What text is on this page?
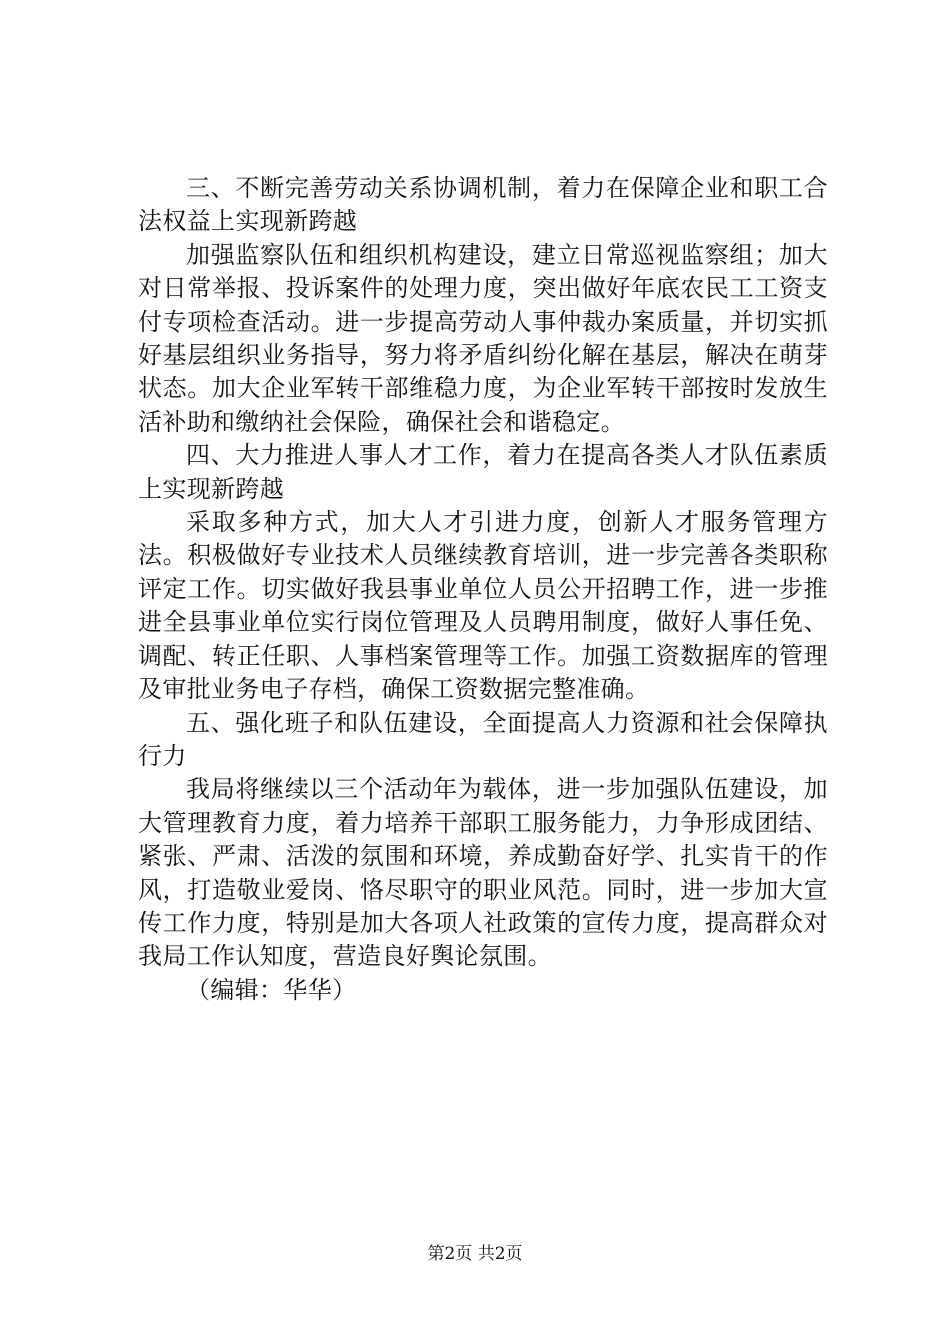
三、不断完善劳动关系协调机制，着力在保障企业和职工合法权益上实现新跨越

加强监察队伍和组织机构建设，建立日常巡视监察组；加大对日常举报、投诉案件的处理力度，突出做好年底农民工工资支付专项检查活动。进一步提高劳动人事仲裁办案质量，并切实抓好基层组织业务指导，努力将矛盾纠纷化解在基层，解决在萌芽状态。加大企业军转干部维稳力度，为企业军转干部按时发放生活补助和缴纳社会保险，确保社会和谐稳定。

四、大力推进人事人才工作，着力在提高各类人才队伍素质上实现新跨越

采取多种方式，加大人才引进力度，创新人才服务管理方法。积极做好专业技术人员继续教育培训，进一步完善各类职称评定工作。切实做好我县事业单位人员公开招聘工作，进一步推进全县事业单位实行岗位管理及人员聘用制度，做好人事任免、调配、转正任职、人事档案管理等工作。加强工资数据库的管理及审批业务电子存档，确保工资数据完整准确。

五、强化班子和队伍建设，全面提高人力资源和社会保障执行力

我局将继续以三个活动年为载体，进一步加强队伍建设，加大管理教育力度，着力培养干部职工服务能力，力争形成团结、紧张、严肃、活泼的氛围和环境，养成勤奋好学、扎实肯干的作风，打造敬业爱岗、恪尽职守的职业风范。同时，进一步加大宣传工作力度，特别是加大各项人社政策的宣传力度，提高群众对我局工作认知度，营造良好舆论氛围。

（编辑：华华）

第2页 共2页
